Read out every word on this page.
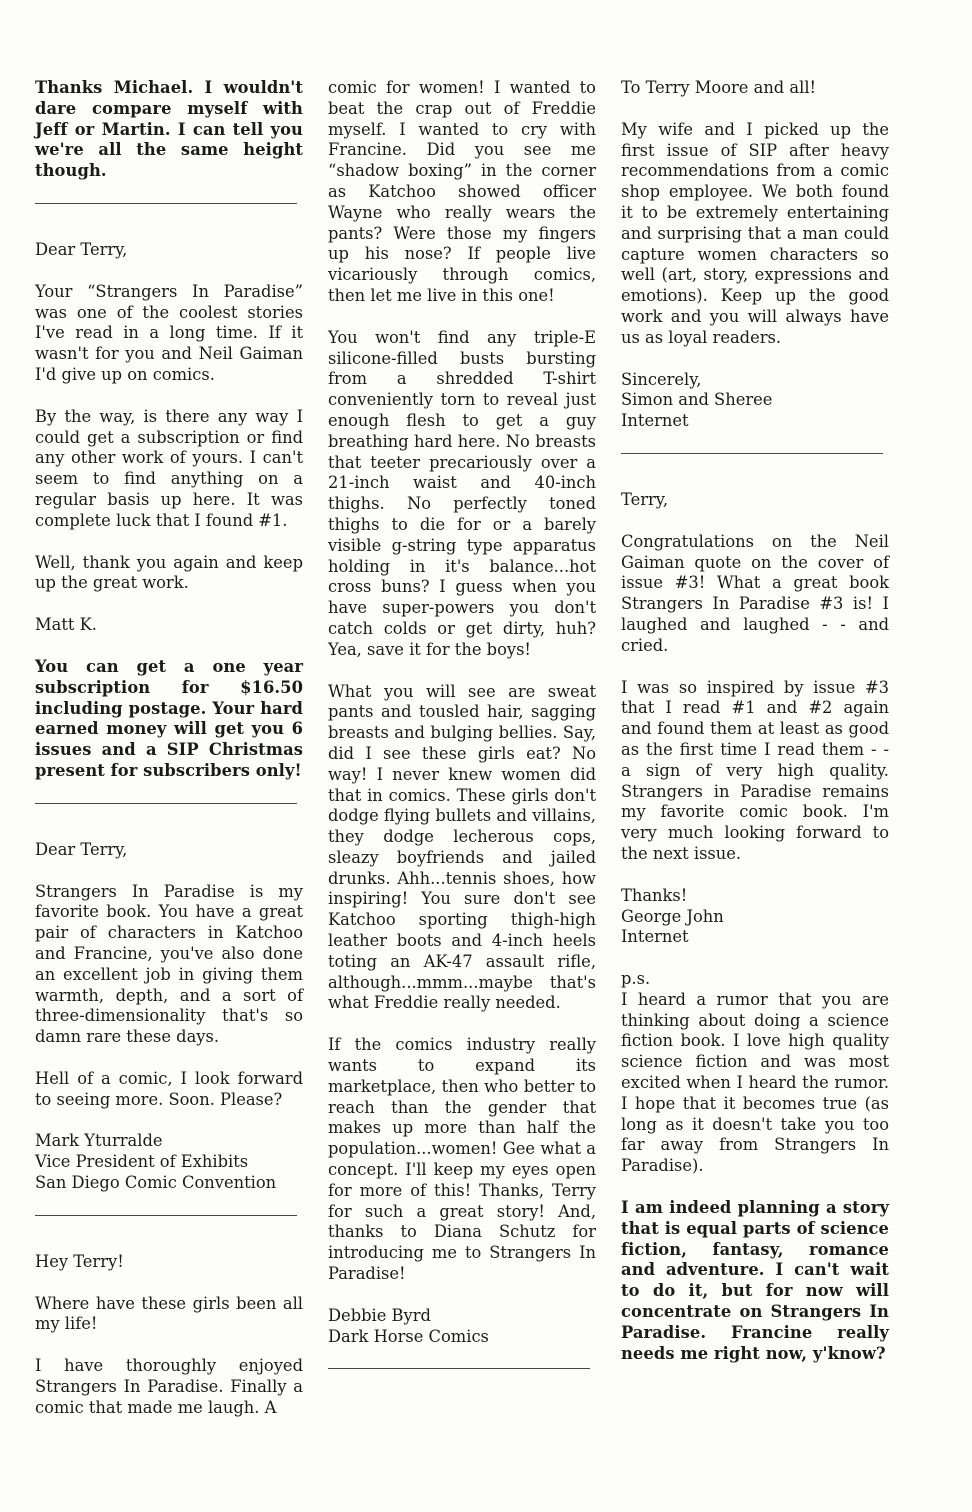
Thanks Michael. I wouldn't dare compare myself with Jeff or Martin. I can tell you we're all the same height though.

Dear Terry,

Your “Strangers In Paradise” was one of the coolest stories I've read in a long time. If it wasn't for you and Neil Gaiman I'd give up on comics.

By the way, is there any way I could get a subscription or find any other work of yours. I can't seem to find anything on a regular basis up here. It was complete luck that I found #1.

Well, thank you again and keep up the great work.

Matt K.

You can get a one year subscription for $16.50 including postage. Your hard earned money will get you 6 issues and a SIP Christmas present for subscribers only!

Dear Terry,

Strangers In Paradise is my favorite book. You have a great pair of characters in Katchoo and Francine, you've also done an excellent job in giving them warmth, depth, and a sort of three-dimensionality that's so damn rare these days.

Hell of a comic, I look forward to seeing more. Soon. Please?

Mark Yturralde
Vice President of Exhibits
San Diego Comic Convention

Hey Terry!

Where have these girls been all my life!

I have thoroughly enjoyed Strangers In Paradise. Finally a comic that made me laugh. A

comic for women! I wanted to beat the crap out of Freddie myself. I wanted to cry with Francine. Did you see me “shadow boxing” in the corner as Katchoo showed officer Wayne who really wears the pants? Were those my fingers up his nose? If people live vicariously through comics, then let me live in this one!

You won't find any triple-E silicone-filled busts bursting from a shredded T-shirt conveniently torn to reveal just enough flesh to get a guy breathing hard here. No breasts that teeter precariously over a 21-inch waist and 40-inch thighs. No perfectly toned thighs to die for or a barely visible g-string type apparatus holding in it's balance...hot cross buns? I guess when you have super-powers you don't catch colds or get dirty, huh? Yea, save it for the boys!

What you will see are sweat pants and tousled hair, sagging breasts and bulging bellies. Say, did I see these girls eat? No way! I never knew women did that in comics. These girls don't dodge flying bullets and villains, they dodge lecherous cops, sleazy boyfriends and jailed drunks. Ahh...tennis shoes, how inspiring! You sure don't see Katchoo sporting thigh-high leather boots and 4-inch heels toting an AK-47 assault rifle, although...mmm...maybe that's what Freddie really needed.

If the comics industry really wants to expand its marketplace, then who better to reach than the gender that makes up more than half the population...women! Gee what a concept. I'll keep my eyes open for more of this! Thanks, Terry for such a great story! And, thanks to Diana Schutz for introducing me to Strangers In Paradise!

Debbie Byrd
Dark Horse Comics

To Terry Moore and all!

My wife and I picked up the first issue of SIP after heavy recommendations from a comic shop employee. We both found it to be extremely entertaining and surprising that a man could capture women characters so well (art, story, expressions and emotions). Keep up the good work and you will always have us as loyal readers.

Sincerely,
Simon and Sheree
Internet

Terry,

Congratulations on the Neil Gaiman quote on the cover of issue #3! What a great book Strangers In Paradise #3 is! I laughed and laughed - - and cried.

I was so inspired by issue #3 that I read #1 and #2 again and found them at least as good as the first time I read them - - a sign of very high quality. Strangers in Paradise remains my favorite comic book. I'm very much looking forward to the next issue.

Thanks!
George John
Internet

p.s.
I heard a rumor that you are thinking about doing a science fiction book. I love high quality science fiction and was most excited when I heard the rumor. I hope that it becomes true (as long as it doesn't take you too far away from Strangers In Paradise).

I am indeed planning a story that is equal parts of science fiction, fantasy, romance and adventure. I can't wait to do it, but for now will concentrate on Strangers In Paradise. Francine really needs me right now, y'know?
